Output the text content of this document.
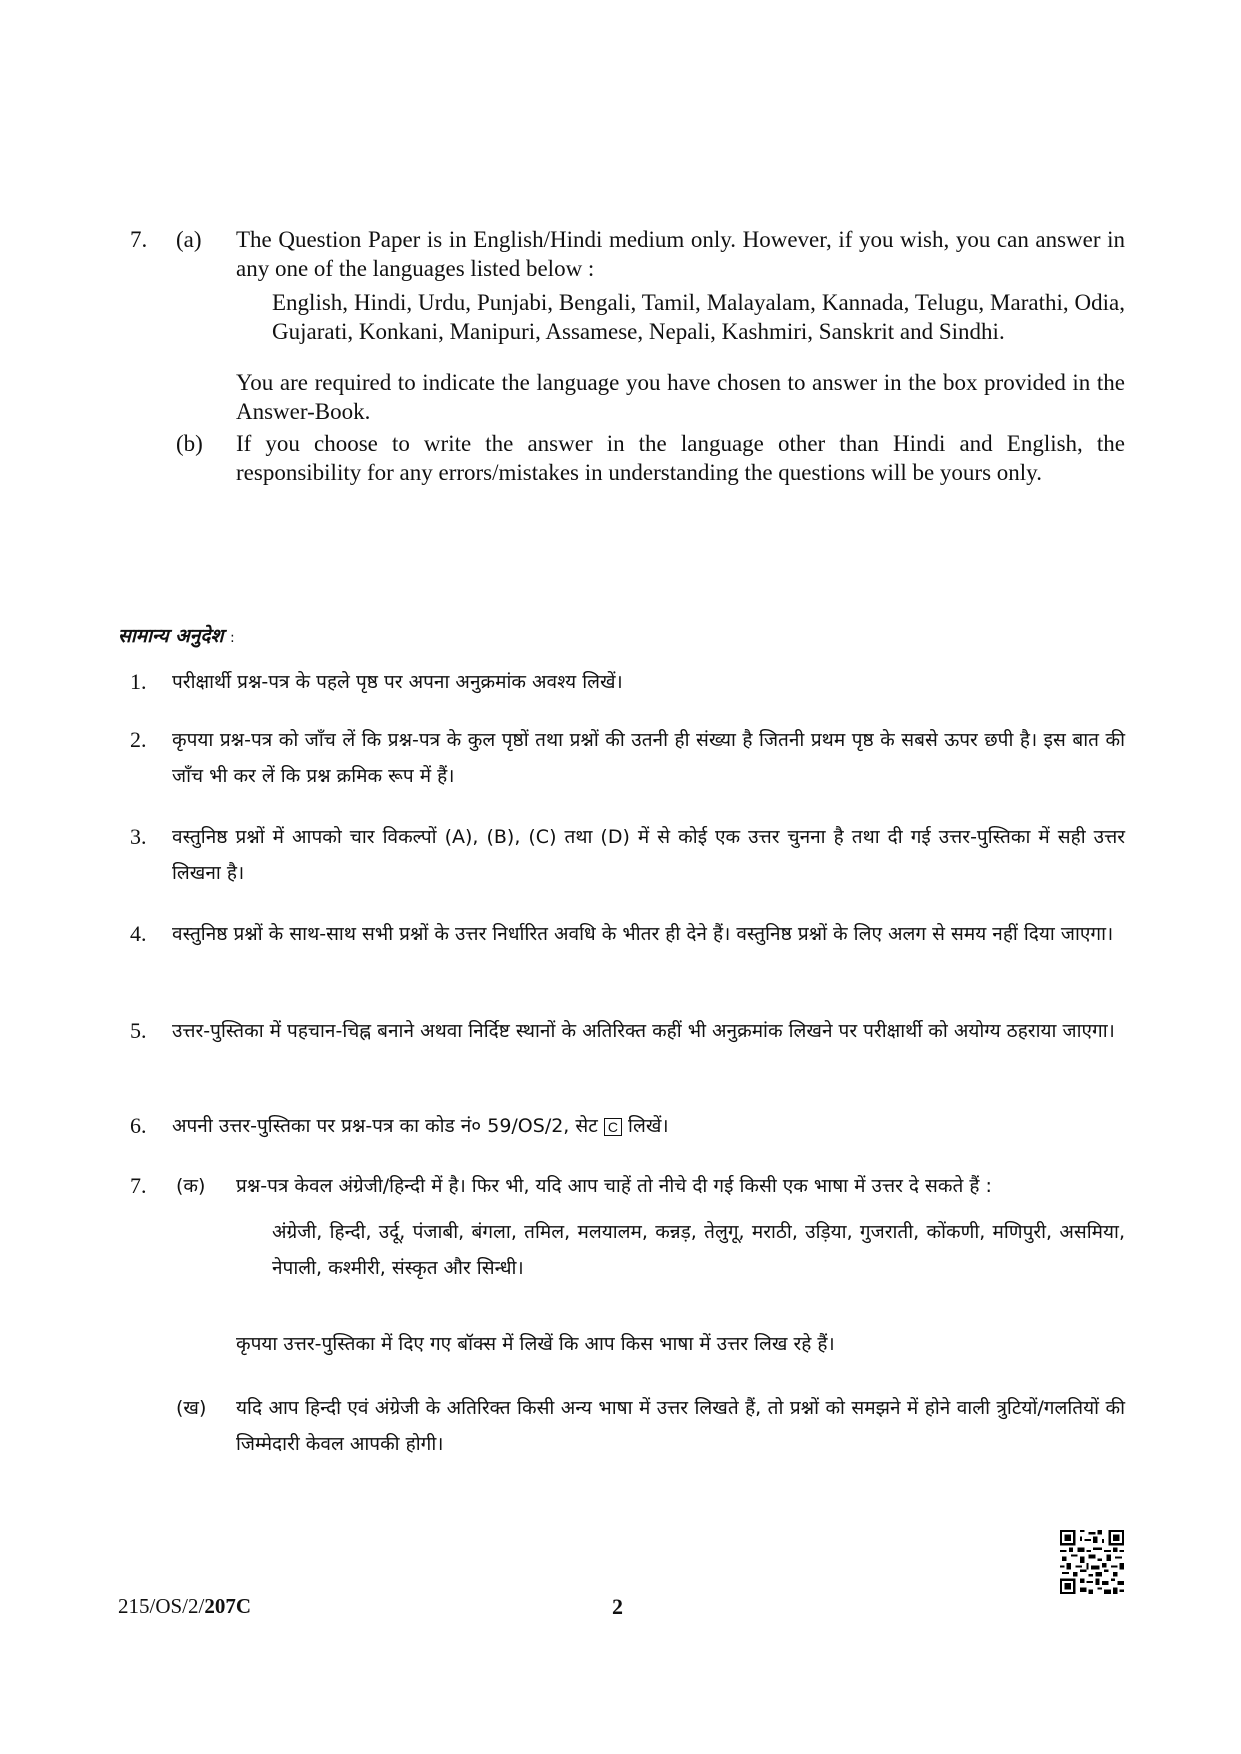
7.	(a)	The Question Paper is in English/Hindi medium only. However, if you wish, you can answer in any one of the languages listed below :

English, Hindi, Urdu, Punjabi, Bengali, Tamil, Malayalam, Kannada, Telugu, Marathi, Odia, Gujarati, Konkani, Manipuri, Assamese, Nepali, Kashmiri, Sanskrit and Sindhi.

You are required to indicate the language you have chosen to answer in the box provided in the Answer-Book.

(b)	If you choose to write the answer in the language other than Hindi and English, the responsibility for any errors/mistakes in understanding the questions will be yours only.

सामान्य अनुदेश :
1.	परीक्षार्थी प्रश्न-पत्र के पहले पृष्ठ पर अपना अनुक्रमांक अवश्य लिखें।
2.	कृपया प्रश्न-पत्र को जाँच लें कि प्रश्न-पत्र के कुल पृष्ठों तथा प्रश्नों की उतनी ही संख्या है जितनी प्रथम पृष्ठ के सबसे ऊपर छपी है। इस बात की जाँच भी कर लें कि प्रश्न क्रमिक रूप में हैं।
3.	वस्तुनिष्ठ प्रश्नों में आपको चार विकल्पों (A), (B), (C) तथा (D) में से कोई एक उत्तर चुनना है तथा दी गई उत्तर-पुस्तिका में सही उत्तर लिखना है।
4.	वस्तुनिष्ठ प्रश्नों के साथ-साथ सभी प्रश्नों के उत्तर निर्धारित अवधि के भीतर ही देने हैं। वस्तुनिष्ठ प्रश्नों के लिए अलग से समय नहीं दिया जाएगा।
5.	उत्तर-पुस्तिका में पहचान-चिह्न बनाने अथवा निर्दिष्ट स्थानों के अतिरिक्त कहीं भी अनुक्रमांक लिखने पर परीक्षार्थी को अयोग्य ठहराया जाएगा।
6.	अपनी उत्तर-पुस्तिका पर प्रश्न-पत्र का कोड नं० 59/OS/2, सेट C लिखें।
7.	(क)	प्रश्न-पत्र केवल अंग्रेजी/हिन्दी में है। फिर भी, यदि आप चाहें तो नीचे दी गई किसी एक भाषा में उत्तर दे सकते हैं :
अंग्रेजी, हिन्दी, उर्दू, पंजाबी, बंगला, तमिल, मलयालम, कन्नड़, तेलुगू, मराठी, उड़िया, गुजराती, कोंकणी, मणिपुरी, असमिया, नेपाली, कश्मीरी, संस्कृत और सिन्धी।
कृपया उत्तर-पुस्तिका में दिए गए बॉक्स में लिखें कि आप किस भाषा में उत्तर लिख रहे हैं।
(ख)	यदि आप हिन्दी एवं अंग्रेजी के अतिरिक्त किसी अन्य भाषा में उत्तर लिखते हैं, तो प्रश्नों को समझने में होने वाली त्रुटियों/गलतियों की जिम्मेदारी केवल आपकी होगी।
215/OS/2/207C	2
